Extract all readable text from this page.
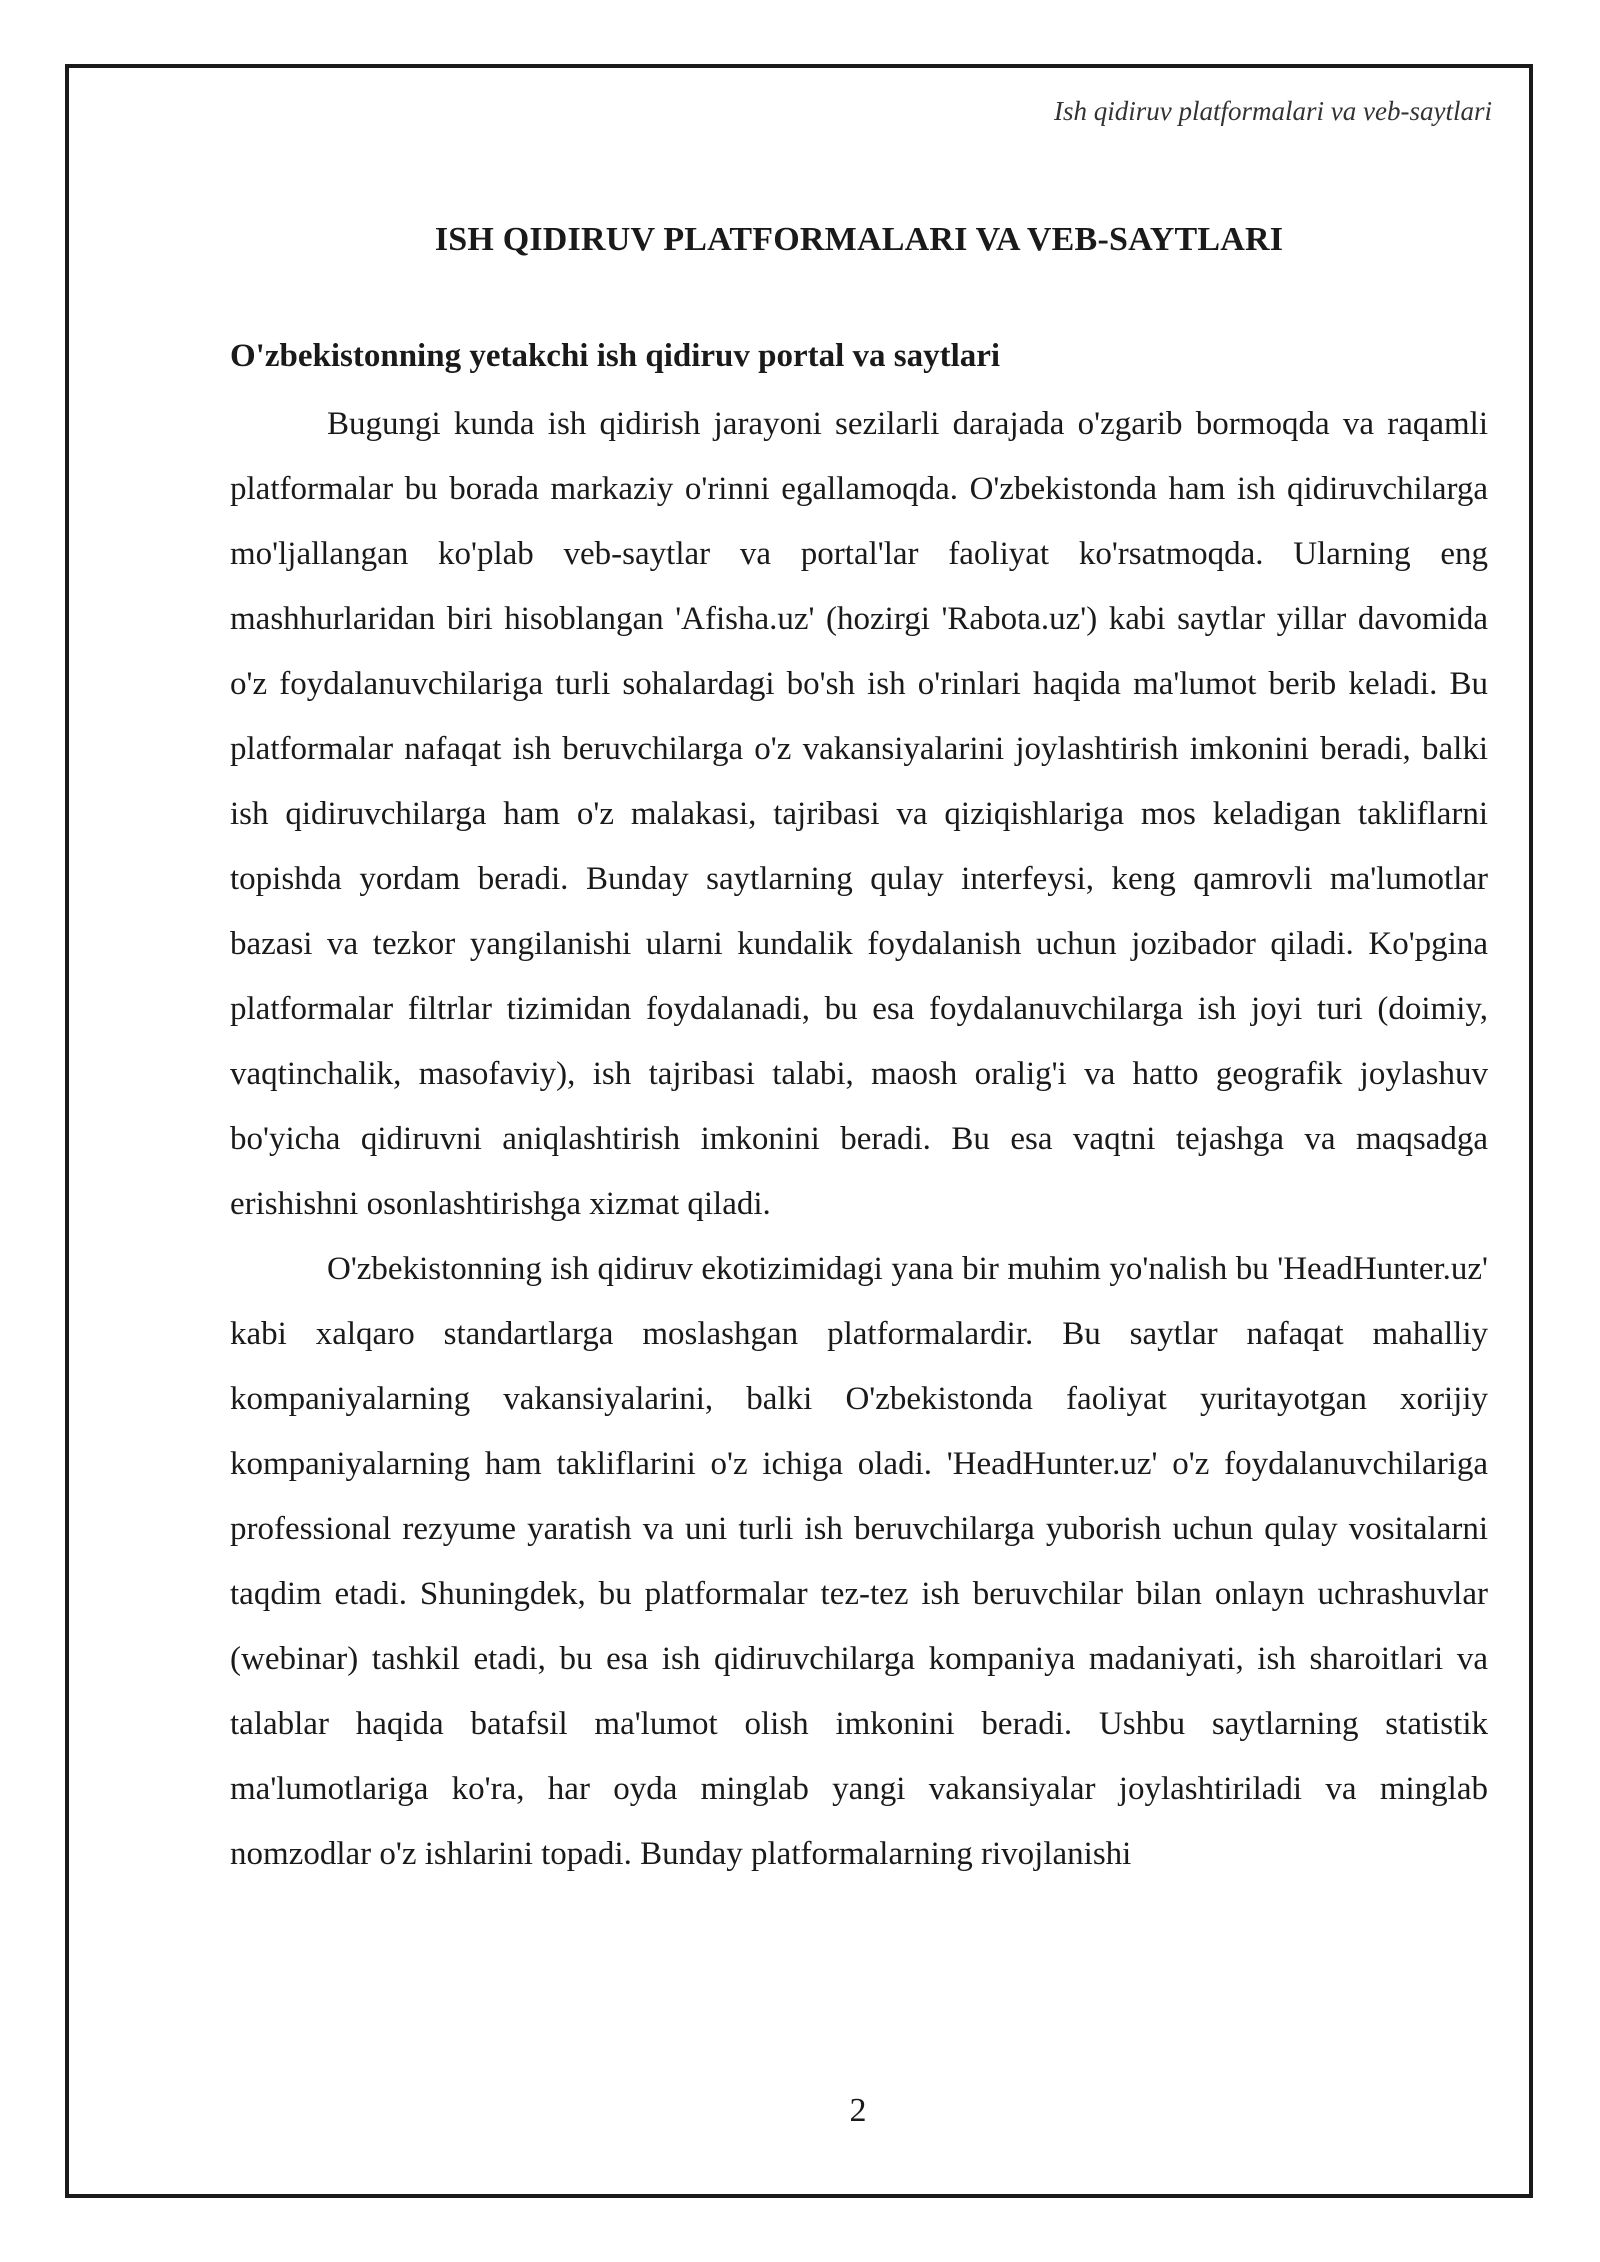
Ish qidiruv platformalari va veb-saytlari
ISH QIDIRUV PLATFORMALARI VA VEB-SAYTLARI
O'zbekistonning yetakchi ish qidiruv portal va saytlari

Bugungi kunda ish qidirish jarayoni sezilarli darajada o'zgarib bormoqda va raqamli platformalar bu borada markaziy o'rinni egallamoqda. O'zbekistonda ham ish qidiruvchilarga mo'ljallangan ko'plab veb-saytlar va portal'lar faoliyat ko'rsatmoqda. Ularning eng mashhurlaridan biri hisoblangan 'Afisha.uz' (hozirgi 'Rabota.uz') kabi saytlar yillar davomida o'z foydalanuvchilariga turli sohalardagi bo'sh ish o'rinlari haqida ma'lumot berib keladi. Bu platformalar nafaqat ish beruvchilarga o'z vakansiyalarini joylashtirish imkonini beradi, balki ish qidiruvchilarga ham o'z malakasi, tajribasi va qiziqishlariga mos keladigan takliflarni topishda yordam beradi. Bunday saytlarning qulay interfeysi, keng qamrovli ma'lumotlar bazasi va tezkor yangilanishi ularni kundalik foydalanish uchun jozibador qiladi. Ko'pgina platformalar filtrlar tizimidan foydalanadi, bu esa foydalanuvchilarga ish joyi turi (doimiy, vaqtinchalik, masofaviy), ish tajribasi talabi, maosh oralig'i va hatto geografik joylashuv bo'yicha qidiruvni aniqlashtirish imkonini beradi. Bu esa vaqtni tejashga va maqsadga erishishni osonlashtirishga xizmat qiladi.

O'zbekistonning ish qidiruv ekotizimidagi yana bir muhim yo'nalish bu 'HeadHunter.uz' kabi xalqaro standartlarga moslashgan platformalardir. Bu saytlar nafaqat mahalliy kompaniyalarning vakansiyalarini, balki O'zbekistonda faoliyat yuritayotgan xorijiy kompaniyalarning ham takliflarini o'z ichiga oladi. 'HeadHunter.uz' o'z foydalanuvchilariga professional rezyume yaratish va uni turli ish beruvchilarga yuborish uchun qulay vositalarni taqdim etadi. Shuningdek, bu platformalar tez-tez ish beruvchilar bilan onlayn uchrashuvlar (webinar) tashkil etadi, bu esa ish qidiruvchilarga kompaniya madaniyati, ish sharoitlari va talablar haqida batafsil ma'lumot olish imkonini beradi. Ushbu saytlarning statistik ma'lumotlariga ko'ra, har oyda minglab yangi vakansiyalar joylashtiriladi va minglab nomzodlar o'z ishlarini topadi. Bunday platformalarning rivojlanishi

2
